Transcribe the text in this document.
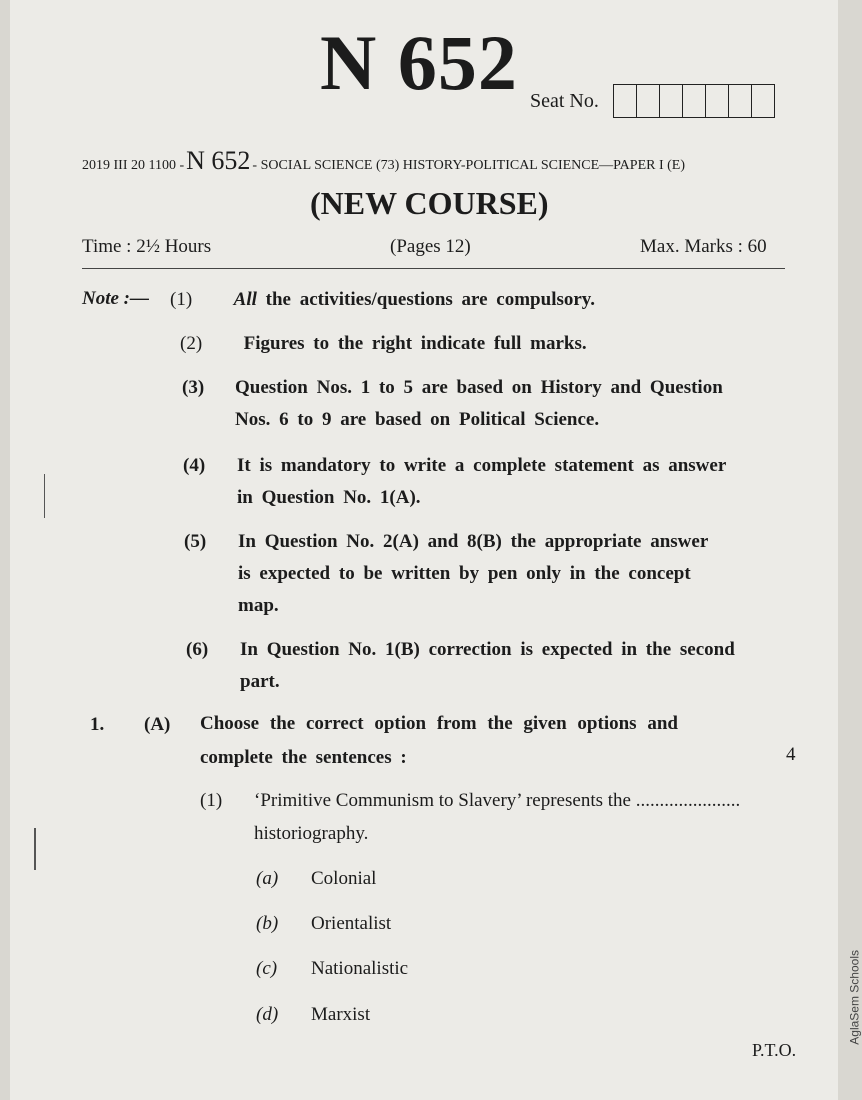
N 652 Seat No.
2019 III 20 1100 - N 652 - SOCIAL SCIENCE (73) HISTORY-POLITICAL SCIENCE—PAPER I (E)
(NEW COURSE)
Time : 2½ Hours	(Pages 12)	Max. Marks : 60
Note :— (1) All the activities/questions are compulsory.
(2) Figures to the right indicate full marks.
(3) Question Nos. 1 to 5 are based on History and Question
Nos. 6 to 9 are based on Political Science.
(4) It is mandatory to write a complete statement as answer
in Question No. 1(A).
(5) In Question No. 2(A) and 8(B) the appropriate answer
is expected to be written by pen only in the concept
map.
(6) In Question No. 1(B) correction is expected in the second
part.
1. (A) Choose the correct option from the given options and
complete the sentences :	4
(1) ‘Primitive Communism to Slavery’ represents the ......................
historiography.
(a) Colonial
(b) Orientalist
(c) Nationalistic
(d) Marxist
P.T.O.
AglaSem Schools
